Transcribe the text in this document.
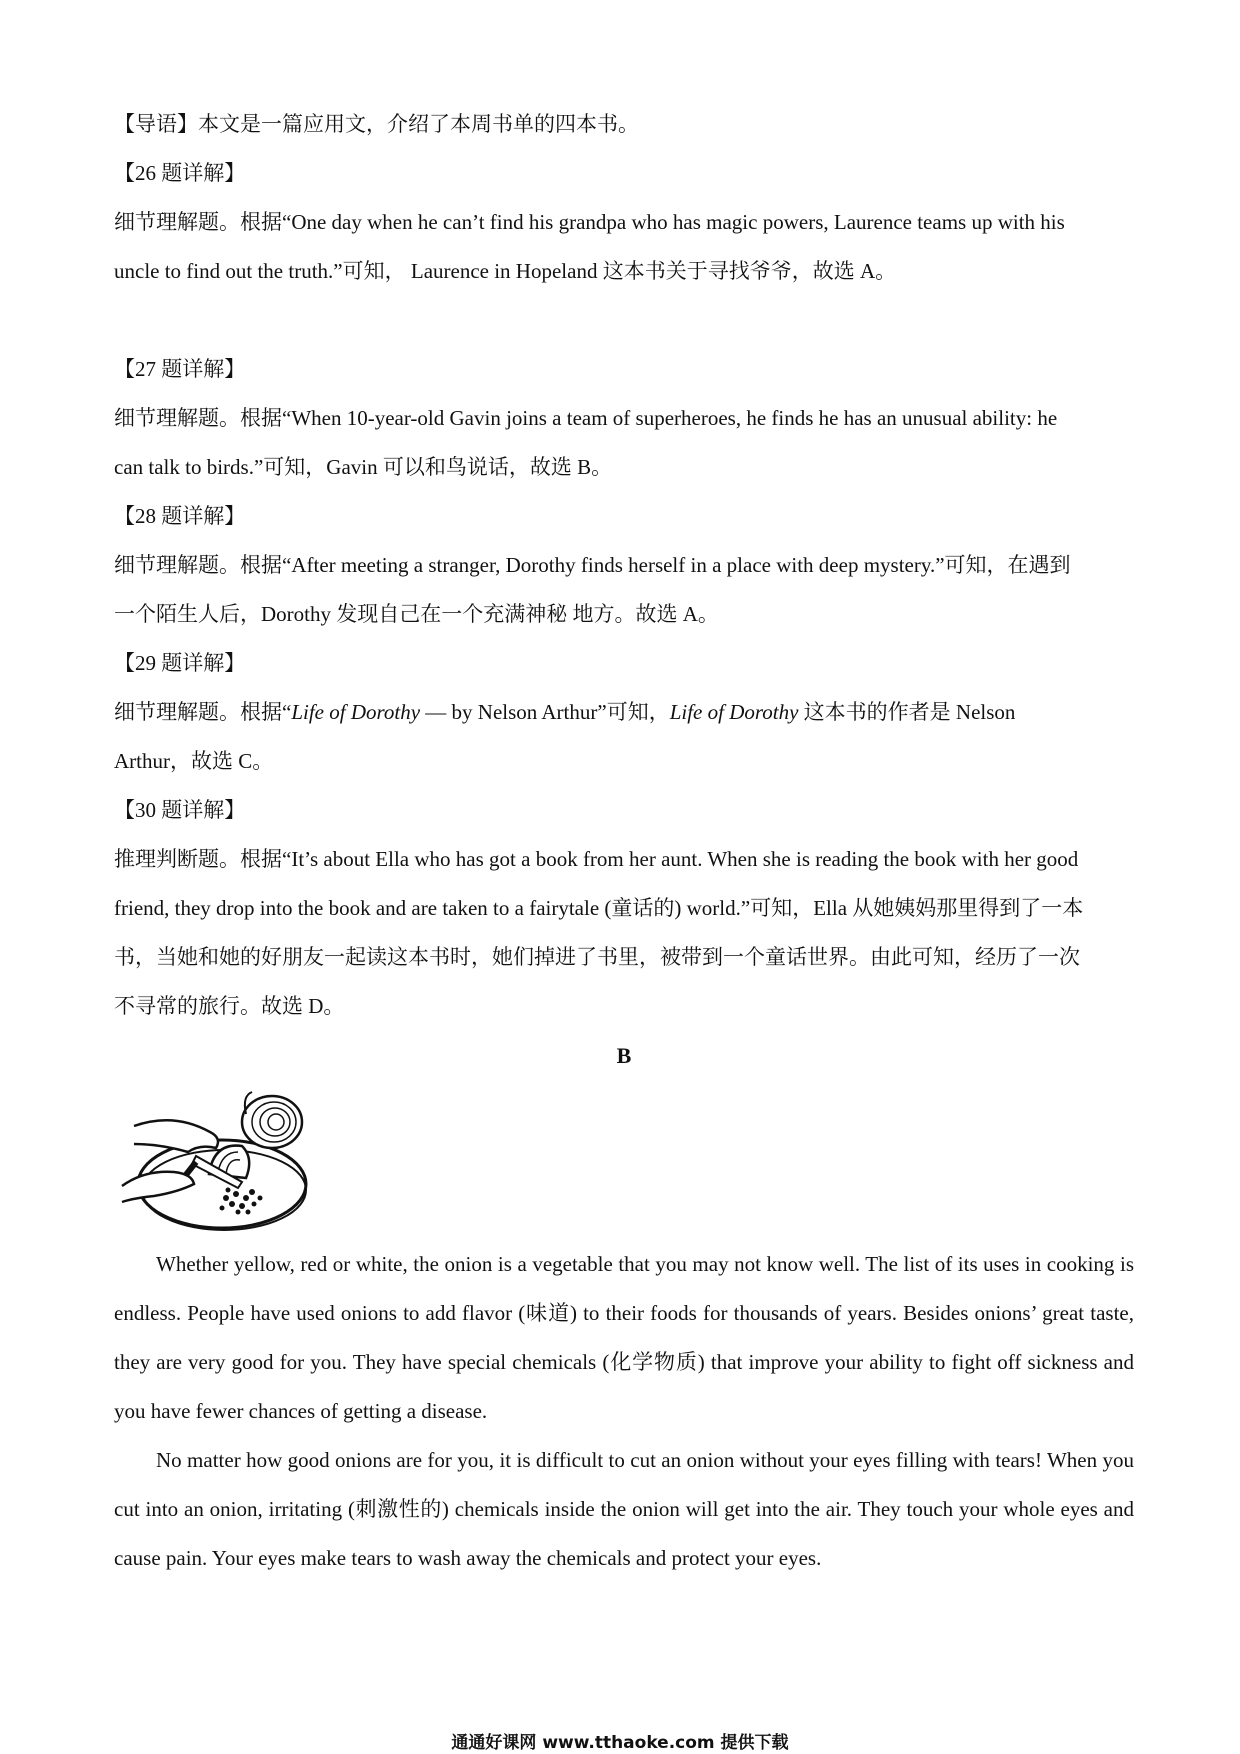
【导语】本文是一篇应用文，介绍了本周书单的四本书。
【26 题详解】
细节理解题。根据“One day when he can’t find his grandpa who has magic powers, Laurence teams up with his
uncle to find out the truth.”可知， Laurence in Hopeland 这本书关于寻找爷爷，故选 A。
【27 题详解】
细节理解题。根据“When 10-year-old Gavin joins a team of superheroes, he finds he has an unusual ability: he
can talk to birds.”可知，Gavin 可以和鸟说话，故选 B。
【28 题详解】
细节理解题。根据“After meeting a stranger, Dorothy finds herself in a place with deep mystery.”可知，在遇到
一个陌生人后，Dorothy 发现自己在一个充满神秘 地方。故选 A。
【29 题详解】
细节理解题。根据“Life of Dorothy — by Nelson Arthur”可知，Life of Dorothy 这本书的作者是 Nelson
Arthur，故选 C。
【30 题详解】
推理判断题。根据“It’s about Ella who has got a book from her aunt. When she is reading the book with her good
friend, they drop into the book and are taken to a fairytale (童话的) world.”可知，Ella 从她姨妈那里得到了一本
书，当她和她的好朋友一起读这本书时，她们掉进了书里，被带到一个童话世界。由此可知，经历了一次
不寻常的旅行。故选 D。
B

Whether yellow, red or white, the onion is a vegetable that you may not know well. The list of its uses in cooking is endless. People have used onions to add flavor (味道) to their foods for thousands of years. Besides onions’ great taste, they are very good for you. They have special chemicals (化学物质) that improve your ability to fight off sickness and you have fewer chances of getting a disease.

No matter how good onions are for you, it is difficult to cut an onion without your eyes filling with tears! When you cut into an onion, irritating (刺激性的) chemicals inside the onion will get into the air. They touch your whole eyes and cause pain. Your eyes make tears to wash away the chemicals and protect your eyes.

通通好课网 www.tthaoke.com 提供下载
